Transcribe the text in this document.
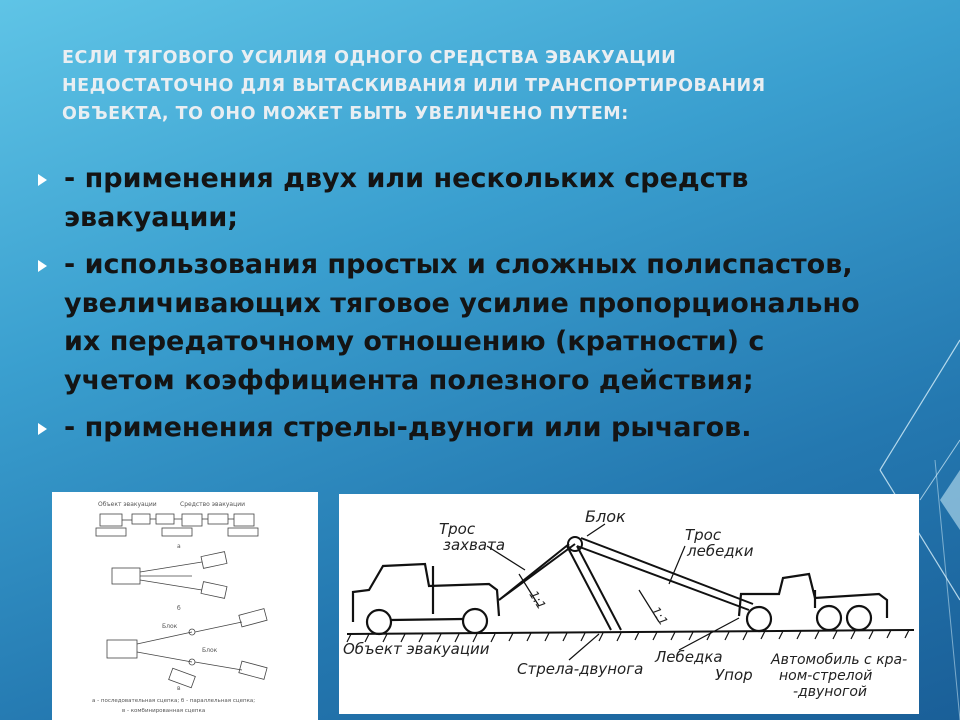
ЕСЛИ ТЯГОВОГО УСИЛИЯ ОДНОГО СРЕДСТВА ЭВАКУАЦИИ
НЕДОСТАТОЧНО ДЛЯ ВЫТАСКИВАНИЯ ИЛИ ТРАНСПОРТИРОВАНИЯ
ОБЪЕКТА, ТО ОНО МОЖЕТ БЫТЬ УВЕЛИЧЕНО ПУТЕМ:
- применения двух или нескольких средств
эвакуации;
- использования простых и сложных полиспастов,
увеличивающих тяговое усилие пропорционально
их передаточному отношению (кратности) с
учетом коэффициента полезного действия;
- применения стрелы-двуноги или рычагов.
Объект эвакуации	Средство эвакуации
а
б
Блок
Блок
в
а - последовательная сцепка; б - параллельная сцепка;
в - комбинированная сцепка
1:1
1:1
Трос
захвата
Блок
Трос
лебедки
Объект эвакуации
Стрела-двунога
Лебедка
Упор
Автомобиль с кра-
ном-стрелой
-двуногой
